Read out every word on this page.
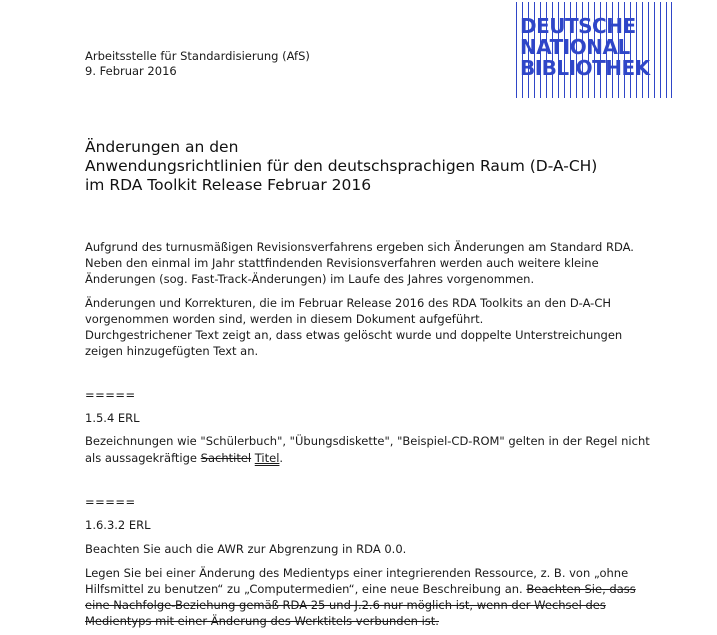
Arbeitsstelle für Standardisierung (AfS)
9. Februar 2016
DEUTSCHE
NATIONAL
BIBLIOTHEK
Änderungen an den
Anwendungsrichtlinien für den deutschsprachigen Raum (D-A-CH)
im RDA Toolkit Release Februar 2016
Aufgrund des turnusmäßigen Revisionsverfahrens ergeben sich Änderungen am Standard RDA.
Neben den einmal im Jahr stattfindenden Revisionsverfahren werden auch weitere kleine
Änderungen (sog. Fast-Track-Änderungen) im Laufe des Jahres vorgenommen.
Änderungen und Korrekturen, die im Februar Release 2016 des RDA Toolkits an den D-A-CH
vorgenommen worden sind, werden in diesem Dokument aufgeführt.
Durchgestrichener Text zeigt an, dass etwas gelöscht wurde und doppelte Unterstreichungen
zeigen hinzugefügten Text an.
=====
1.5.4 ERL
Bezeichnungen wie "Schülerbuch", "Übungsdiskette", "Beispiel-CD-ROM" gelten in der Regel nicht
als aussagekräftige Sachtitel Titel.
=====
1.6.3.2 ERL
Beachten Sie auch die AWR zur Abgrenzung in RDA 0.0.
Legen Sie bei einer Änderung des Medientyps einer integrierenden Ressource, z. B. von „ohne
Hilfsmittel zu benutzen“ zu „Computermedien“, eine neue Beschreibung an. Beachten Sie, dass
eine Nachfolge-Beziehung gemäß RDA 25 und J.2.6 nur möglich ist, wenn der Wechsel des
Medientyps mit einer Änderung des Werktitels verbunden ist.
